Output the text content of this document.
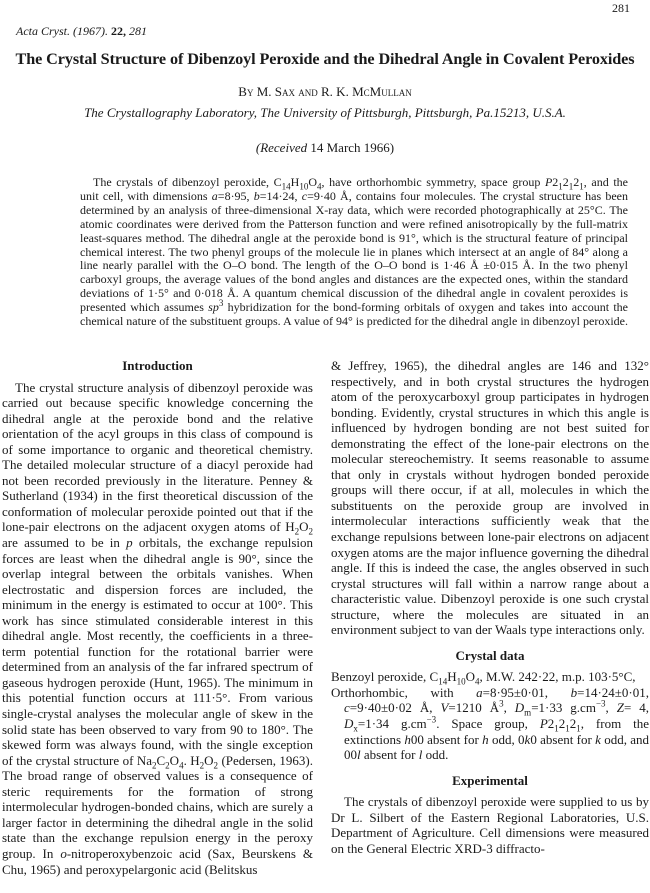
281
Acta Cryst. (1967). 22, 281
The Crystal Structure of Dibenzoyl Peroxide and the Dihedral Angle in Covalent Peroxides
By M. Sax and R. K. McMullan
The Crystallography Laboratory, The University of Pittsburgh, Pittsburgh, Pa.15213, U.S.A.
(Received 14 March 1966)

The crystals of dibenzoyl peroxide, $C_{14}H_{10}O_4$, have orthorhombic symmetry, space group $P2_12_12_1$, and the unit cell, with dimensions a=8·95, b=14·24, c=9·40 Å, contains four molecules. The crystal structure has been determined by an analysis of three-dimensional X-ray data, which were recorded photographically at 25°C. The atomic coordinates were derived from the Patterson function and were refined anisotropically by the full-matrix least-squares method. The dihedral angle at the peroxide bond is 91°, which is the structural feature of principal chemical interest. The two phenyl groups of the molecule lie in planes which intersect at an angle of 84° along a line nearly parallel with the O–O bond. The length of the O–O bond is 1·46 Å ±0·015 Å. In the two phenyl carboxyl groups, the average values of the bond angles and distances are the expected ones, within the standard deviations of 1·5° and 0·018 Å. A quantum chemical discussion of the dihedral angle in covalent peroxides is presented which assumes $sp^3$ hybridization for the bond-forming orbitals of oxygen and takes into account the chemical nature of the substituent groups. A value of 94° is predicted for the dihedral angle in dibenzoyl peroxide.

Introduction

The crystal structure analysis of dibenzoyl peroxide was carried out because specific knowledge concerning the dihedral angle at the peroxide bond and the relative orientation of the acyl groups in this class of compound is of some importance to organic and theoretical chemistry. The detailed molecular structure of a diacyl peroxide had not been recorded previously in the literature. Penney & Sutherland (1934) in the first theoretical discussion of the conformation of molecular peroxide pointed out that if the lone-pair electrons on the adjacent oxygen atoms of $H_2O_2$ are assumed to be in p orbitals, the exchange repulsion forces are least when the dihedral angle is 90°, since the overlap integral between the orbitals vanishes. When electrostatic and dispersion forces are included, the minimum in the energy is estimated to occur at 100°. This work has since stimulated considerable interest in this dihedral angle. Most recently, the coefficients in a three-term potential function for the rotational barrier were determined from an analysis of the far infrared spectrum of gaseous hydrogen peroxide (Hunt, 1965). The minimum in this potential function occurs at 111·5°. From various single-crystal analyses the molecular angle of skew in the solid state has been observed to vary from 90 to 180°. The skewed form was always found, with the single exception of the crystal structure of $Na_2C_2O_4$. $H_2O_2$ (Pedersen, 1963). The broad range of observed values is a consequence of steric requirements for the formation of strong intermolecular hydrogen-bonded chains, which are surely a larger factor in determining the dihedral angle in the solid state than the exchange repulsion energy in the peroxy group. In o-nitroperoxybenzoic acid (Sax, Beurskens & Chu, 1965) and peroxypelargonic acid (Belitskus

& Jeffrey, 1965), the dihedral angles are 146 and 132° respectively, and in both crystal structures the hydrogen atom of the peroxycarboxyl group participates in hydrogen bonding. Evidently, crystal structures in which this angle is influenced by hydrogen bonding are not best suited for demonstrating the effect of the lone-pair electrons on the molecular stereochemistry. It seems reasonable to assume that only in crystals without hydrogen bonded peroxide groups will there occur, if at all, molecules in which the substituents on the peroxide group are involved in intermolecular interactions sufficiently weak that the exchange repulsions between lone-pair electrons on adjacent oxygen atoms are the major influence governing the dihedral angle. If this is indeed the case, the angles observed in such crystal structures will fall within a narrow range about a characteristic value. Dibenzoyl peroxide is one such crystal structure, where the molecules are situated in an environment subject to van der Waals type interactions only.

Crystal data

Benzoyl peroxide, $C_{14}H_{10}O_4$, M.W. 242·22, m.p. 103·5°C,

Orthorhombic, with a=8·95±0·01, b=14·24±0·01, c=9·40±0·02 Å, V=1210 $Å^3$, $D_m=1\cdot 33$ $g.cm^{-3}$, Z= 4, $D_x=1\cdot 34$ $g.cm^{-3}$. Space group, $P2_12_12_1$, from the extinctions h00 absent for h odd, 0k0 absent for k odd, and 00l absent for l odd.

Experimental

The crystals of dibenzoyl peroxide were supplied to us by Dr L. Silbert of the Eastern Regional Laboratories, U.S. Department of Agriculture. Cell dimensions were measured on the General Electric XRD-3 diffracto-
